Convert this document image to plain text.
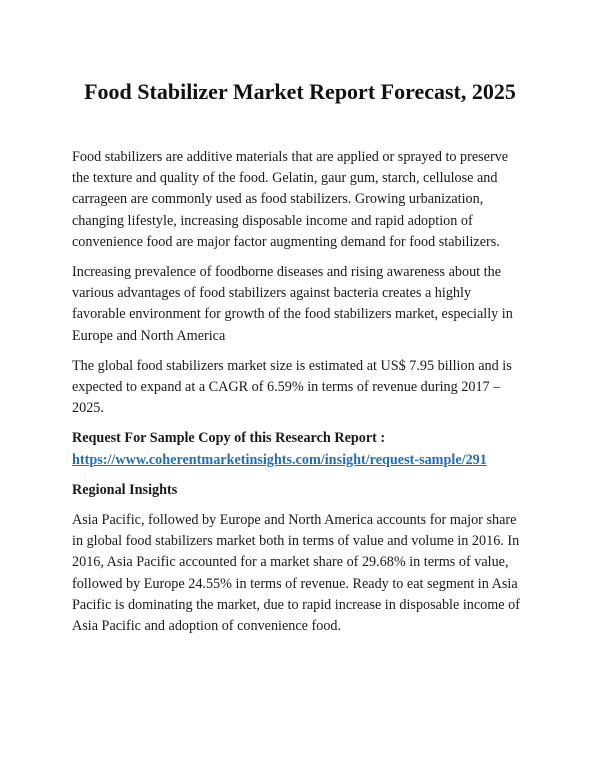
Food Stabilizer Market Report Forecast, 2025

Food stabilizers are additive materials that are applied or sprayed to preserve the texture and quality of the food. Gelatin, gaur gum, starch, cellulose and carrageen are commonly used as food stabilizers. Growing urbanization, changing lifestyle, increasing disposable income and rapid adoption of convenience food are major factor augmenting demand for food stabilizers.

Increasing prevalence of foodborne diseases and rising awareness about the various advantages of food stabilizers against bacteria creates a highly favorable environment for growth of the food stabilizers market, especially in Europe and North America

The global food stabilizers market size is estimated at US$ 7.95 billion and is expected to expand at a CAGR of 6.59% in terms of revenue during 2017 – 2025.

Request For Sample Copy of this Research Report :
https://www.coherentmarketinsights.com/insight/request-sample/291

Regional Insights

Asia Pacific, followed by Europe and North America accounts for major share in global food stabilizers market both in terms of value and volume in 2016. In 2016, Asia Pacific accounted for a market share of 29.68% in terms of value, followed by Europe 24.55% in terms of revenue. Ready to eat segment in Asia Pacific is dominating the market, due to rapid increase in disposable income of Asia Pacific and adoption of convenience food.
